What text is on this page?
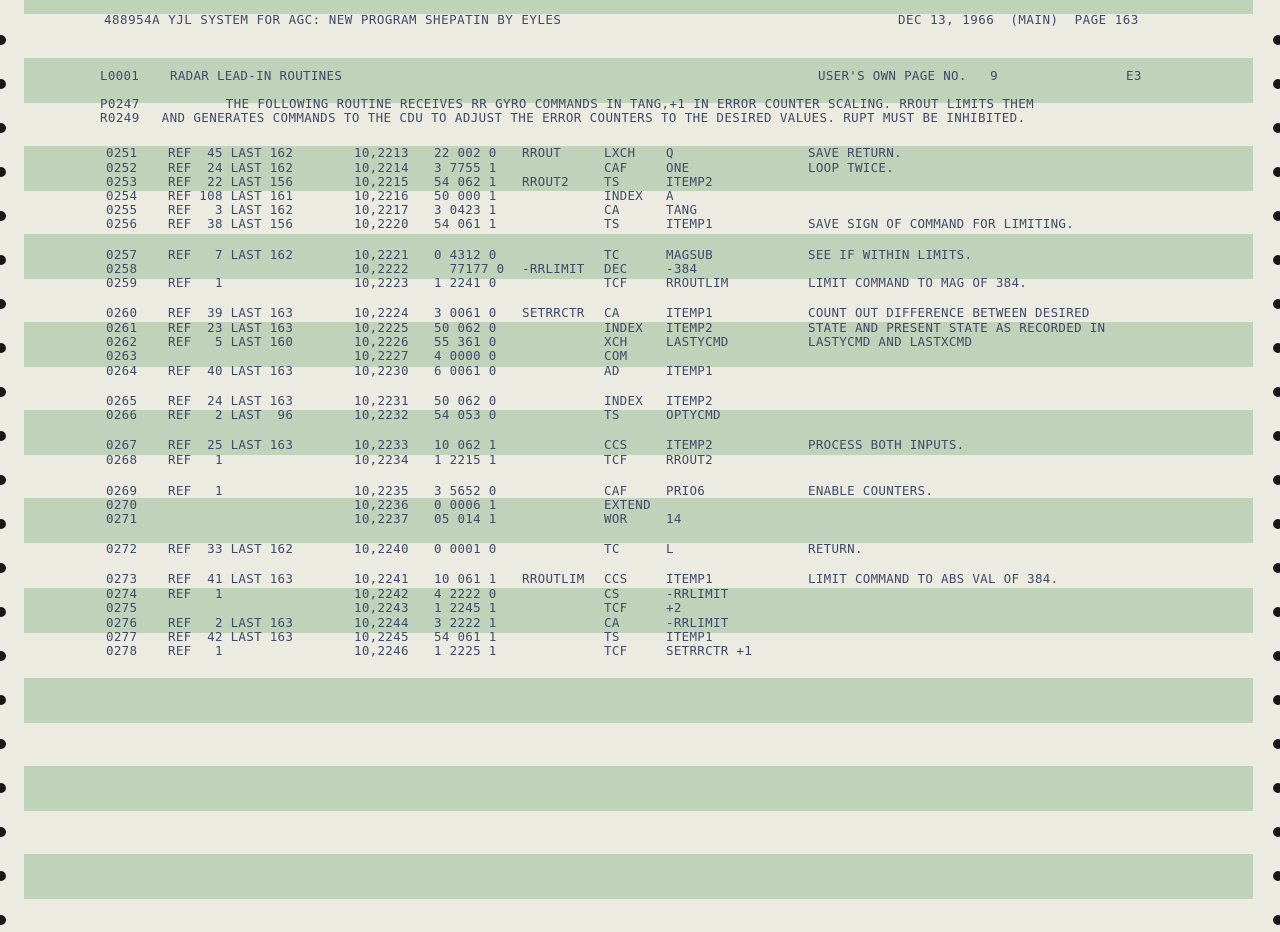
488954A YJL SYSTEM FOR AGC: NEW PROGRAM SHEPATIN BY EYLES	DEC 13, 1966  (MAIN)  PAGE 163
L0001 RADAR LEAD-IN ROUTINES	USER'S OWN PAGE NO.   9	E3
P0247	THE FOLLOWING ROUTINE RECEIVES RR GYRO COMMANDS IN TANG,+1 IN ERROR COUNTER SCALING. RROUT LIMITS THEM
R0249 AND GENERATES COMMANDS TO THE CDU TO ADJUST THE ERROR COUNTERS TO THE DESIRED VALUES. RUPT MUST BE INHIBITED.
0251 REF  45 LAST 162	10,2213 22 002 0 RROUT	LXCH Q	SAVE RETURN.
0252 REF  24 LAST 162	10,2214 3 7755 1	CAF	ONE	LOOP TWICE.
0253 REF  22 LAST 156	10,2215 54 062 1 RROUT2	TS	ITEMP2
0254 REF 108 LAST 161	10,2216 50 000 1	INDEX A
0255 REF   3 LAST 162	10,2217 3 0423 1	CA	TANG
0256 REF  38 LAST 156	10,2220 54 061 1	TS	ITEMP1	SAVE SIGN OF COMMAND FOR LIMITING.
0257 REF   7 LAST 162	10,2221 0 4312 0	TC	MAGSUB	SEE IF WITHIN LIMITS.
0258	10,2222 77177 0 -RRLIMIT DEC	-384
0259 REF   1	10,2223 1 2241 0	TCF	RROUTLIM	LIMIT COMMAND TO MAG OF 384.
0260 REF  39 LAST 163	10,2224 3 0061 0 SETRRCTR CA	ITEMP1	COUNT OUT DIFFERENCE BETWEEN DESIRED
0261 REF  23 LAST 163	10,2225 50 062 0	INDEX ITEMP2	STATE AND PRESENT STATE AS RECORDED IN
0262 REF   5 LAST 160	10,2226 55 361 0	XCH	LASTYCMD	LASTYCMD AND LASTXCMD
0263	10,2227 4 0000 0	COM
0264 REF  40 LAST 163	10,2230 6 0061 0	AD	ITEMP1
0265 REF  24 LAST 163	10,2231 50 062 0	INDEX ITEMP2
0266 REF   2 LAST  96	10,2232 54 053 0	TS	OPTYCMD
0267 REF  25 LAST 163	10,2233 10 062 1	CCS	ITEMP2	PROCESS BOTH INPUTS.
0268 REF   1	10,2234 1 2215 1	TCF	RROUT2
0269 REF   1	10,2235 3 5652 0	CAF	PRIO6	ENABLE COUNTERS.
0270	10,2236 0 0006 1	EXTEND
0271	10,2237 05 014 1	WOR	14
0272 REF  33 LAST 162	10,2240 0 0001 0	TC	L	RETURN.
0273 REF  41 LAST 163	10,2241 10 061 1 RROUTLIM CCS	ITEMP1	LIMIT COMMAND TO ABS VAL OF 384.
0274 REF   1	10,2242 4 2222 0	CS	-RRLIMIT
0275	10,2243 1 2245 1	TCF	+2
0276 REF   2 LAST 163	10,2244 3 2222 1	CA	-RRLIMIT
0277 REF  42 LAST 163	10,2245 54 061 1	TS	ITEMP1
0278 REF   1	10,2246 1 2225 1	TCF	SETRRCTR +1
